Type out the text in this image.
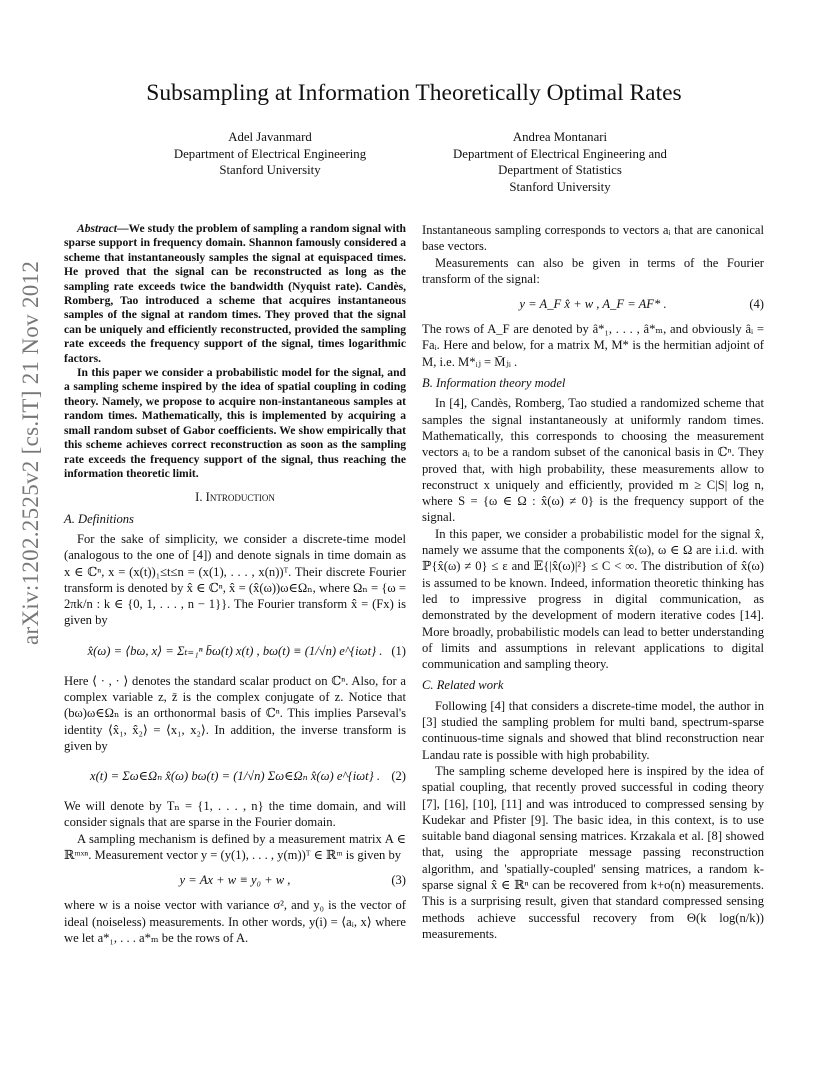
arXiv:1202.2525v2 [cs.IT] 21 Nov 2012
Subsampling at Information Theoretically Optimal Rates
Adel Javanmard
Department of Electrical Engineering
Stanford University
Andrea Montanari
Department of Electrical Engineering and
Department of Statistics
Stanford University

Abstract—We study the problem of sampling a random signal with sparse support in frequency domain. Shannon famously considered a scheme that instantaneously samples the signal at equispaced times. He proved that the signal can be reconstructed as long as the sampling rate exceeds twice the bandwidth (Nyquist rate). Candès, Romberg, Tao introduced a scheme that acquires instantaneous samples of the signal at random times. They proved that the signal can be uniquely and efficiently reconstructed, provided the sampling rate exceeds the frequency support of the signal, times logarithmic factors.

In this paper we consider a probabilistic model for the signal, and a sampling scheme inspired by the idea of spatial coupling in coding theory. Namely, we propose to acquire non-instantaneous samples at random times. Mathematically, this is implemented by acquiring a small random subset of Gabor coefficients. We show empirically that this scheme achieves correct reconstruction as soon as the sampling rate exceeds the frequency support of the signal, thus reaching the information theoretic limit.

I. Introduction
A. Definitions

For the sake of simplicity, we consider a discrete-time model (analogous to the one of [4]) and denote signals in time domain as x ∈ ℂⁿ, x = (x(t))₁≤t≤n = (x(1), . . . , x(n))ᵀ. Their discrete Fourier transform is denoted by x̂ ∈ ℂⁿ, x̂ = (x̂(ω))ω∈Ωₙ, where Ωₙ = {ω = 2πk/n : k ∈ {0, 1, . . . , n − 1}}. The Fourier transform x̂ = (Fx) is given by

x̂(ω) = ⟨bω, x⟩ = Σₜ₌₁ⁿ b̄ω(t) x(t) , bω(t) ≡ (1/√n) e^{iωt} . (1)

Here ⟨ · , · ⟩ denotes the standard scalar product on ℂⁿ. Also, for a complex variable z, z̄ is the complex conjugate of z. Notice that (bω)ω∈Ωₙ is an orthonormal basis of ℂⁿ. This implies Parseval's identity ⟨x̂₁, x̂₂⟩ = ⟨x₁, x₂⟩. In addition, the inverse transform is given by

x(t) = Σω∈Ωₙ x̂(ω) bω(t) = (1/√n) Σω∈Ωₙ x̂(ω) e^{iωt} . (2)

We will denote by Tₙ = {1, . . . , n} the time domain, and will consider signals that are sparse in the Fourier domain.

A sampling mechanism is defined by a measurement matrix A ∈ ℝᵐˣⁿ. Measurement vector y = (y(1), . . . , y(m))ᵀ ∈ ℝᵐ is given by

y = Ax + w ≡ y₀ + w ,	(3)

where w is a noise vector with variance σ², and y₀ is the vector of ideal (noiseless) measurements. In other words, y(i) = ⟨aᵢ, x⟩ where we let a*₁, . . . a*ₘ be the rows of A.

Instantaneous sampling corresponds to vectors aᵢ that are canonical base vectors.

Measurements can also be given in terms of the Fourier transform of the signal:

y = A_F x̂ + w , A_F = AF* .	(4)

The rows of A_F are denoted by â*₁, . . . , â*ₘ, and obviously âᵢ = Faᵢ. Here and below, for a matrix M, M* is the hermitian adjoint of M, i.e. M*ᵢⱼ = M̄ⱼᵢ .

B. Information theory model

In [4], Candès, Romberg, Tao studied a randomized scheme that samples the signal instantaneously at uniformly random times. Mathematically, this corresponds to choosing the measurement vectors aᵢ to be a random subset of the canonical basis in ℂⁿ. They proved that, with high probability, these measurements allow to reconstruct x uniquely and efficiently, provided m ≥ C|S| log n, where S = {ω ∈ Ω : x̂(ω) ≠ 0} is the frequency support of the signal.

In this paper, we consider a probabilistic model for the signal x̂, namely we assume that the components x̂(ω), ω ∈ Ω are i.i.d. with ℙ{x̂(ω) ≠ 0} ≤ ε and 𝔼{|x̂(ω)|²} ≤ C < ∞. The distribution of x̂(ω) is assumed to be known. Indeed, information theoretic thinking has led to impressive progress in digital communication, as demonstrated by the development of modern iterative codes [14]. More broadly, probabilistic models can lead to better understanding of limits and assumptions in relevant applications to digital communication and sampling theory.

C. Related work

Following [4] that considers a discrete-time model, the author in [3] studied the sampling problem for multi band, spectrum-sparse continuous-time signals and showed that blind reconstruction near Landau rate is possible with high probability.

The sampling scheme developed here is inspired by the idea of spatial coupling, that recently proved successful in coding theory [7], [16], [10], [11] and was introduced to compressed sensing by Kudekar and Pfister [9]. The basic idea, in this context, is to use suitable band diagonal sensing matrices. Krzakala et al. [8] showed that, using the appropriate message passing reconstruction algorithm, and 'spatially-coupled' sensing matrices, a random k-sparse signal x̂ ∈ ℝⁿ can be recovered from k+o(n) measurements. This is a surprising result, given that standard compressed sensing methods achieve successful recovery from Θ(k log(n/k)) measurements.
